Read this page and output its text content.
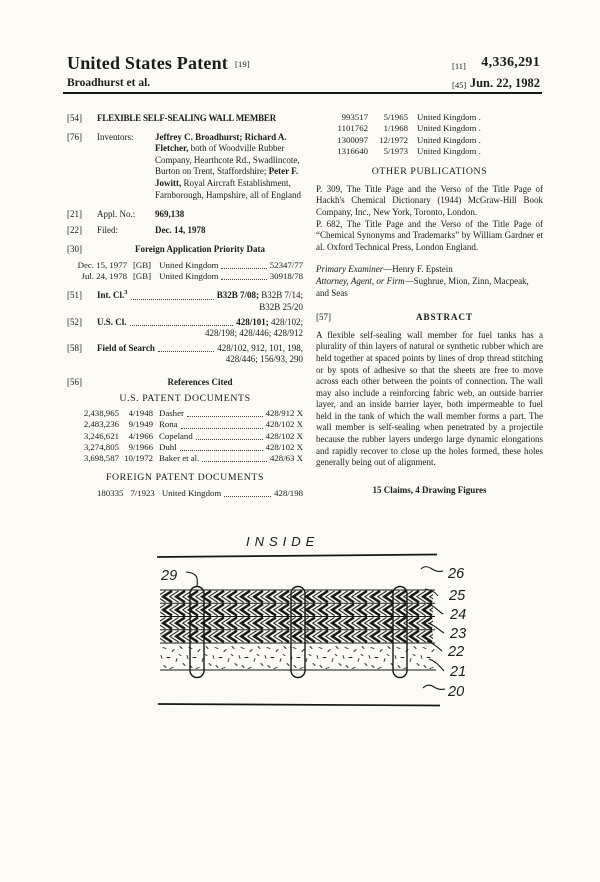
United States Patent [19]	[11] 4,336,291
Broadhurst et al.	[45] Jun. 22, 1982
[54]	FLEXIBLE SELF-SEALING WALL MEMBER
[76]	Inventors:	Jeffrey C. Broadhurst; Richard A. Fletcher, both of Woodville Rubber Company, Hearthcote Rd., Swadlincote, Burton on Trent, Staffordshire; Peter F. Jowitt, Royal Aircraft Establishment, Farnborough, Hampshire, all of England
[21]	Appl. No.:	969,138
[22]	Filed:	Dec. 14, 1978
[30]	Foreign Application Priority Data
Dec. 15, 1977 [GB] United Kingdom	52347/77
Jul. 24, 1978 [GB] United Kingdom	30918/78
[51]	Int. Cl.$^3$	B32B 7/08; B32B 7/14;
B32B 25/20
[52]	U.S. Cl.	428/101; 428/102;
428/198; 428/446; 428/912
[58]	Field of Search	428/102, 912, 101, 198,
428/446; 156/93, 290
[56]	References Cited
U.S. PATENT DOCUMENTS
2,438,965	4/1948 Dasher	428/912 X
2,483,236	9/1949 Rona	428/102 X
3,246,621	4/1966 Copeland	428/102 X
3,274,805	9/1966 Duhl	428/102 X
3,698,587 10/1972 Baker et al.	428/63 X
FOREIGN PATENT DOCUMENTS
180335 7/1923 United Kingdom	428/198
993517	5/1965 United Kingdom .
1101762	1/1968 United Kingdom .
1300097	12/1972 United Kingdom .
1316640	5/1973 United Kingdom .
OTHER PUBLICATIONS
P. 309, The Title Page and the Verso of the Title Page of Hackh's Chemical Dictionary (1944) McGraw-Hill Book Company, Inc., New York, Toronto, London.
P. 682, The Title Page and the Verso of the Title Page of “Chemical Synonyms and Trademarks” by William Gardner et al. Oxford Technical Press, London England.
Primary Examiner—Henry F. Epstein
Attorney, Agent, or Firm—Sughrue, Mion, Zinn, Macpeak, and Seas
[57]	ABSTRACT
A flexible self-sealing wall member for fuel tanks has a plurality of thin layers of natural or synthetic rubber which are held together at spaced points by lines of drop thread stitching or by spots of adhesive so that the sheets are free to move across each other between the points of connection. The wall may also include a reinforcing fabric web, an outside barrier layer, and an inside barrier layer, both impermeable to fuel held in the tank of which the wall member forms a part. The wall member is self-sealing when penetrated by a projectile because the rubber layers undergo large dynamic elongations and rapidly recover to close up the holes formed, these holes generally being out of alignment.
15 Claims, 4 Drawing Figures
INSIDE
29	26
25
24
23
22
21
20
